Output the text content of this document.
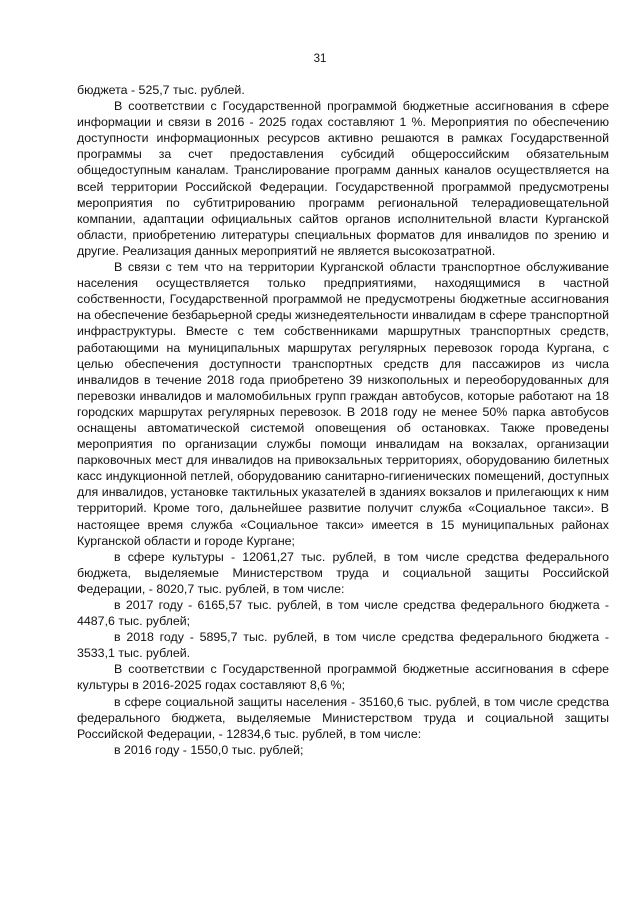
31

бюджета - 525,7 тыс. рублей.

В соответствии с Государственной программой бюджетные ассигнования в сфере информации и связи в 2016 - 2025 годах составляют 1 %. Мероприятия по обеспечению доступности информационных ресурсов активно решаются в рамках Государственной программы за счет предоставления субсидий общероссийским обязательным общедоступным каналам. Транслирование программ данных каналов осуществляется на всей территории Российской Федерации. Государственной программой предусмотрены мероприятия по субтитрированию программ региональной телерадиовещательной компании, адаптации официальных сайтов органов исполнительной власти Курганской области, приобретению литературы специальных форматов для инвалидов по зрению и другие. Реализация данных мероприятий не является высокозатратной.

В связи с тем что на территории Курганской области транспортное обслуживание населения осуществляется только предприятиями, находящимися в частной собственности, Государственной программой не предусмотрены бюджетные ассигнования на обеспечение безбарьерной среды жизнедеятельности инвалидам в сфере транспортной инфраструктуры. Вместе с тем собственниками маршрутных транспортных средств, работающими на муниципальных маршрутах регулярных перевозок города Кургана, с целью обеспечения доступности транспортных средств для пассажиров из числа инвалидов в течение 2018 года приобретено 39 низкопольных и переоборудованных для перевозки инвалидов и маломобильных групп граждан автобусов, которые работают на 18 городских маршрутах регулярных перевозок. В 2018 году не менее 50% парка автобусов оснащены автоматической системой оповещения об остановках. Также проведены мероприятия по организации службы помощи инвалидам на вокзалах, организации парковочных мест для инвалидов на привокзальных территориях, оборудованию билетных касс индукционной петлей, оборудованию санитарно-гигиенических помещений, доступных для инвалидов, установке тактильных указателей в зданиях вокзалов и прилегающих к ним территорий. Кроме того, дальнейшее развитие получит служба «Социальное такси». В настоящее время служба «Социальное такси» имеется в 15 муниципальных районах Курганской области и городе Кургане;

в сфере культуры - 12061,27 тыс. рублей, в том числе средства федерального бюджета, выделяемые Министерством труда и социальной защиты Российской Федерации, - 8020,7 тыс. рублей, в том числе:

в 2017 году - 6165,57 тыс. рублей, в том числе средства федерального бюджета - 4487,6 тыс. рублей;

в 2018 году - 5895,7 тыс. рублей, в том числе средства федерального бюджета - 3533,1 тыс. рублей.

В соответствии с Государственной программой бюджетные ассигнования в сфере культуры в 2016-2025 годах составляют 8,6 %;

в сфере социальной защиты населения - 35160,6 тыс. рублей, в том числе средства федерального бюджета, выделяемые Министерством труда и социальной защиты Российской Федерации, - 12834,6 тыс. рублей, в том числе:

в 2016 году - 1550,0 тыс. рублей;
